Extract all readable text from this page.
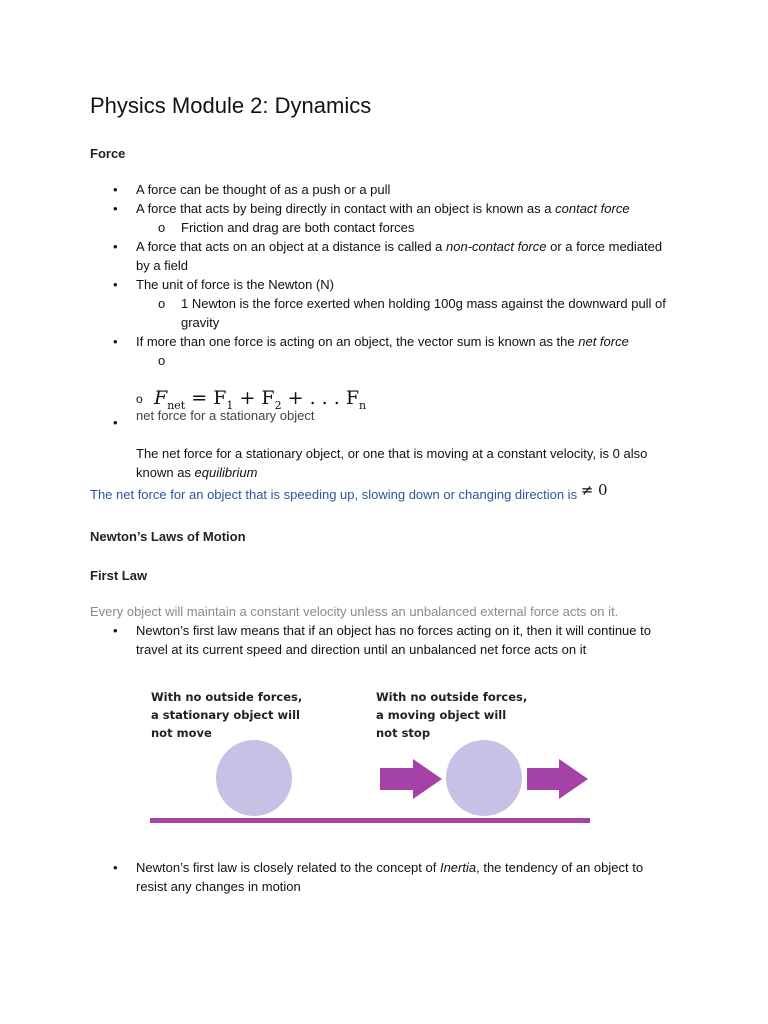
Physics Module 2: Dynamics
Force
•	A force can be thought of as a push or a pull
•	A force that acts by being directly in contact with an object is known as a contact force
o	Friction and drag are both contact forces
•	A force that acts on an object at a distance is called a non-contact force or a force mediated by a field
•	The unit of force is the Newton (N)
o	1 Newton is the force exerted when holding 100g mass against the downward pull of gravity
•	If more than one force is acting on an object, the vector sum is known as the net force
o
o $F_{net} = F_1 + F_2$ + . . . $F_n$
•	net force for a stationary object
The net force for a stationary object, or one that is moving at a constant velocity, is 0 also known as equilibrium
The net force for an object that is speeding up, slowing down or changing direction is ≠ 0
Newton’s Laws of Motion
First Law
Every object will maintain a constant velocity unless an unbalanced external force acts on it.
•	Newton’s first law means that if an object has no forces acting on it, then it will continue to travel at its current speed and direction until an unbalanced net force acts on it
With no outside forces,
a stationary object will
not move
With no outside forces,
a moving object will
not stop
•	Newton’s first law is closely related to the concept of Inertia, the tendency of an object to resist any changes in motion
